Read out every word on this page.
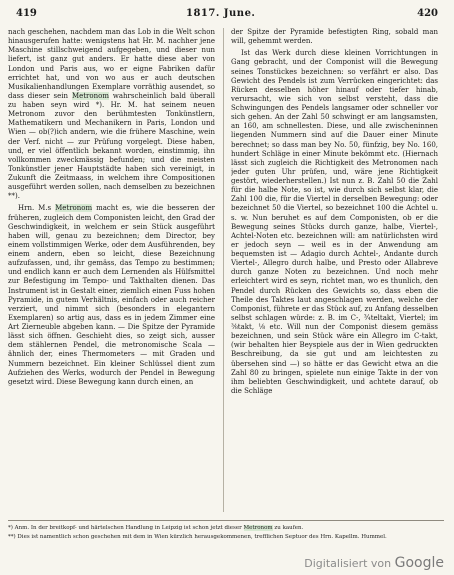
419	1817. June.	420

nach geschehen, nachdem man das Lob in die Welt schon hinausgerufen hatte: wenigstens hat Hr. M. nachher jene Maschine stillschweigend aufgegeben, und dieser nun liefert, ist ganz gut anders. Er hatte diese aber von London und Paris aus, wo er eigne Fabriken dafür errichtet hat, und von wo aus er auch deutschen Musikalienhandlungen Exemplare vorräthig ausendet, so dass dieser sein Metronom wahrscheinlich bald überall zu haben seyn wird *). Hr. M. hat seinem neuen Metronom zuvor den berühmtesten Tonkünstlern, Mathematikern und Mechanikern in Paris, London und Wien — ob(?)ich andern, wie die frühere Maschine, wein der Verf. nicht — zur Prüfung vorgelegt. Diese haben, und, er viel öffentlich bekannt worden, einstimmig, ihn vollkommen zweckmässig befunden; und die meisten Tonkünstler jener Hauptstädte haben sich vereinigt, in Zukunft die Zeitmaass, in welchem ihre Compositionen ausgeführt werden sollen, nach demselben zu bezeichnen **).

Hrn. M.s Metronom macht es, wie die besseren der früheren, zugleich dem Componisten leicht, den Grad der Geschwindigkeit, in welchem er sein Stück ausgeführt haben will, genau zu bezeichnen; dem Director, bey einem vollstimmigen Werke, oder dem Ausführenden, bey einem andern, eben so leicht, diese Bezeichnung aufzufassen, und, ihr gemäss, das Tempo zu bestimmen; und endlich kann er auch dem Lernenden als Hülfsmittel zur Befestigung im Tempo- und Takthalten dienen. Das Instrument ist in Gestalt einer, ziemlich einen Fuss hohen Pyramide, in gutem Verhältnis, einfach oder auch reicher verziert, und nimmt sich (besonders in elegantern Exemplaren) so artig aus, dass es in jedem Zimmer eine Art Zierneuble abgeben kann. — Die Spitze der Pyramide lässt sich öffnen. Geschieht dies, so zeigt sich, ausser dem stählernen Pendel, die metronomische Scala — ähnlich der, eines Thermometers — mit Graden und Nummern bezeichnet. Ein kleiner Schlüssel dient zum Aufziehen des Werks, wodurch der Pendel in Bewegung gesetzt wird. Diese Bewegung kann durch einen, an

der Spitze der Pyramide befestigten Ring, sobald man will, gehemmt werden.

Ist das Werk durch diese kleinen Vorrichtungen in Gang gebracht, und der Componist will die Bewegung seines Tonstückes bezeichnen: so verfährt er also. Das Gewicht des Pendels ist zum Verrücken eingerichtet: das Rücken desselben höher hinauf oder tiefer hinab, verursacht, wie sich von selbst versteht, dass die Schwingungen des Pendels langsamer oder schneller vor sich gehen. An der Zahl 50 schwingt er am langsamsten, an 160, am schnellesten. Diese, und alle zwischeninnen liegenden Nummern sind auf die Dauer einer Minute berechnet; so dass man bey No. 50, fünfzig, bey No. 160, hundert Schläge in einer Minute bekömmt etc. (Hiernach lässt sich zugleich die Richtigkeit des Metronomen nach jeder guten Uhr prüfen, und, wäre jene Richtigkeit gestört, wiederherstellen.) Ist nun z. B. Zahl 50 die Zahl für die halbe Note, so ist, wie durch sich selbst klar, die Zahl 100 die, für die Viertel in derselben Bewegung: oder bezeichnet 50 die Viertel, so bezeichnet 100 die Achtel u. s. w. Nun beruhet es auf dem Componisten, ob er die Bewegung seines Stücks durch ganze, halbe, Viertel-, Achtel-Noten etc. bezeichnen will: am natürlichsten wird er jedoch seyn — weil es in der Anwendung am bequemsten ist — Adagio durch Achtel-, Andante durch Viertel-, Allegro durch halbe, und Presto oder Allabreve durch ganze Noten zu bezeichnen. Und noch mehr erleichtert wird es seyn, richtet man, wo es thunlich, den Pendel durch Rücken des Gewichts so, dass eben die Theile des Taktes laut angeschlagen werden, welche der Componist, führete er das Stück auf, zu Anfang desselben selbst schlagen würde: z. B. im C-, ¾teltakt, Viertel; im ⅜takt, ⅛ etc. Will nun der Componist diesem gemäss bezeichnen, und sein Stück wäre ein Allegro im C-takt, (wir behalten hier Beyspiele aus der in Wien gedruckten Beschreibung, da sie gut und am leichtesten zu übersehen sind —) so hätte er das Gewicht etwa an die Zahl 80 zu bringen, spielete nun einige Takte in der von ihm beliebten Geschwindigkeit, und achtete darauf, ob die Schläge

*) Anm. In der breitkopf- und härtelschen Handlung in Leipzig ist schon jetzt dieser Metronom zu kaufen.

**) Dies ist namentlich schon geschehen mit dem in Wien kürzlich herausgekommenen, trefflichen Septuor des Hrn. Kapellm. Hummel.

Digitalisiert von Google
